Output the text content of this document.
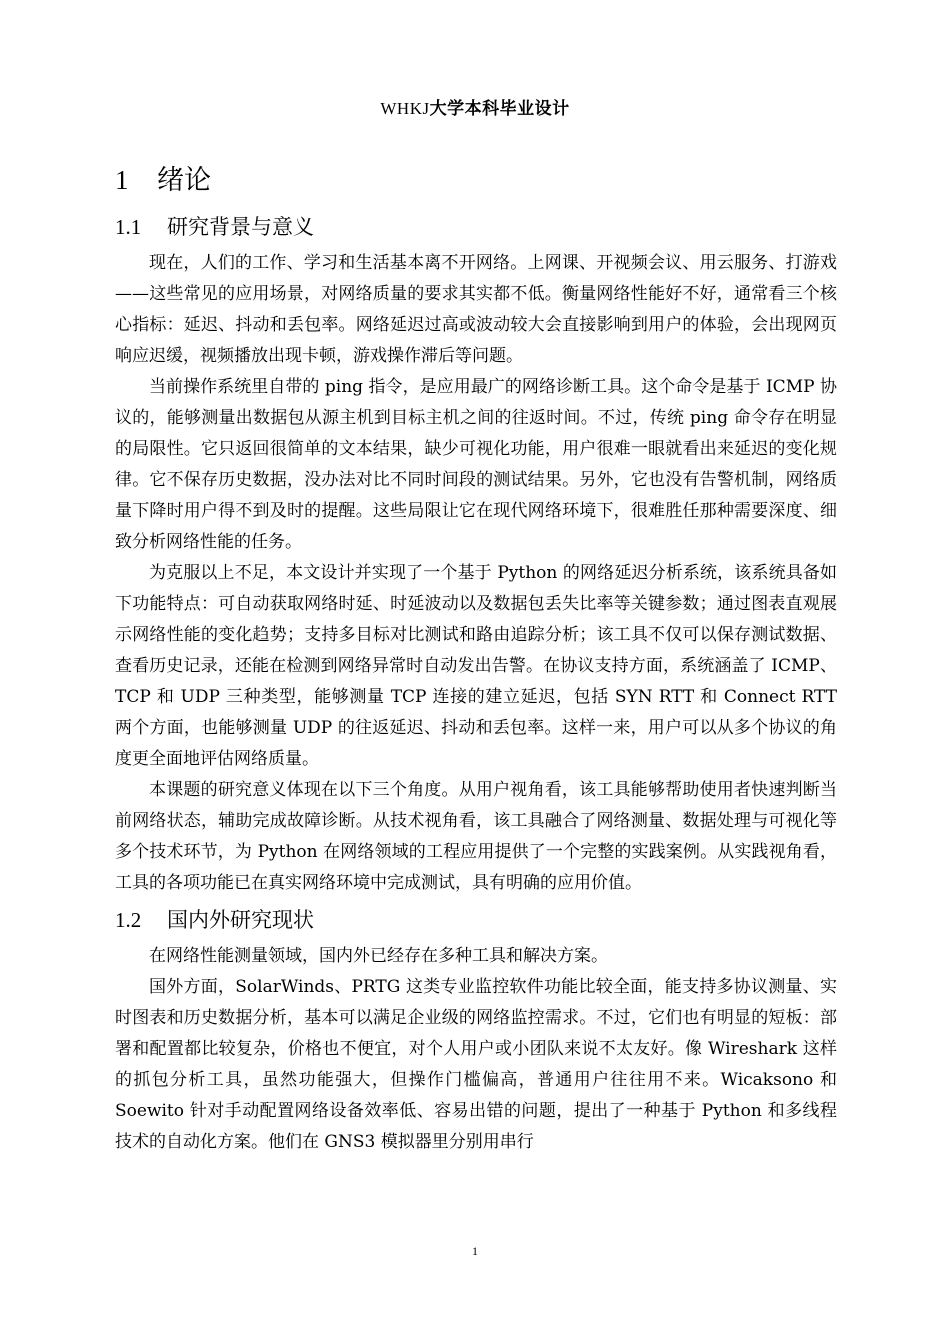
WHKJ大学本科毕业设计
1 绪论
1.1 研究背景与意义

现在，人们的工作、学习和生活基本离不开网络。上网课、开视频会议、用云服务、打游戏——这些常见的应用场景，对网络质量的要求其实都不低。衡量网络性能好不好，通常看三个核心指标：延迟、抖动和丢包率。网络延迟过高或波动较大会直接影响到用户的体验，会出现网页响应迟缓，视频播放出现卡顿，游戏操作滞后等问题。

当前操作系统里自带的 ping 指令，是应用最广的网络诊断工具。这个命令是基于 ICMP 协议的，能够测量出数据包从源主机到目标主机之间的往返时间。不过，传统 ping 命令存在明显的局限性。它只返回很简单的文本结果，缺少可视化功能，用户很难一眼就看出来延迟的变化规律。它不保存历史数据，没办法对比不同时间段的测试结果。另外，它也没有告警机制，网络质量下降时用户得不到及时的提醒。这些局限让它在现代网络环境下，很难胜任那种需要深度、细致分析网络性能的任务。

为克服以上不足，本文设计并实现了一个基于 Python 的网络延迟分析系统，该系统具备如下功能特点：可自动获取网络时延、时延波动以及数据包丢失比率等关键参数；通过图表直观展示网络性能的变化趋势；支持多目标对比测试和路由追踪分析；该工具不仅可以保存测试数据、查看历史记录，还能在检测到网络异常时自动发出告警。在协议支持方面，系统涵盖了 ICMP、TCP 和 UDP 三种类型，能够测量 TCP 连接的建立延迟，包括 SYN RTT 和 Connect RTT 两个方面，也能够测量 UDP 的往返延迟、抖动和丢包率。这样一来，用户可以从多个协议的角度更全面地评估网络质量。

本课题的研究意义体现在以下三个角度。从用户视角看，该工具能够帮助使用者快速判断当前网络状态，辅助完成故障诊断。从技术视角看，该工具融合了网络测量、数据处理与可视化等多个技术环节，为 Python 在网络领域的工程应用提供了一个完整的实践案例。从实践视角看，工具的各项功能已在真实网络环境中完成测试，具有明确的应用价值。

1.2 国内外研究现状

在网络性能测量领域，国内外已经存在多种工具和解决方案。

国外方面，SolarWinds、PRTG 这类专业监控软件功能比较全面，能支持多协议测量、实时图表和历史数据分析，基本可以满足企业级的网络监控需求。不过，它们也有明显的短板：部署和配置都比较复杂，价格也不便宜，对个人用户或小团队来说不太友好。像 Wireshark 这样的抓包分析工具，虽然功能强大，但操作门槛偏高，普通用户往往用不来。Wicaksono 和 Soewito 针对手动配置网络设备效率低、容易出错的问题，提出了一种基于 Python 和多线程技术的自动化方案。他们在 GNS3 模拟器里分别用串行

1
